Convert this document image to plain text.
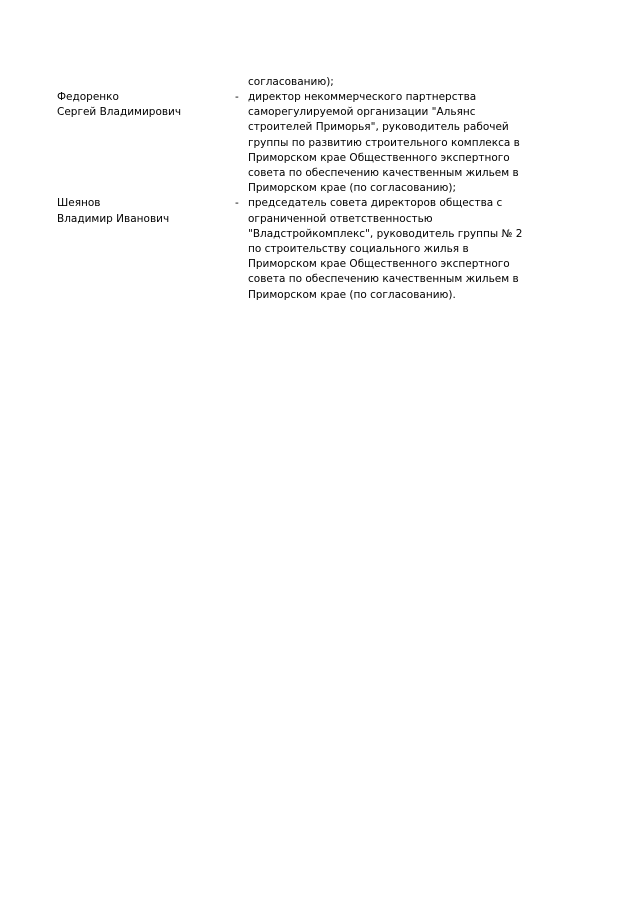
согласованию);
Федоренко
Сергей Владимирович
- директор некоммерческого партнерства
саморегулируемой организации "Альянс
строителей Приморья", руководитель рабочей
группы по развитию строительного комплекса в
Приморском крае Общественного экспертного
совета по обеспечению качественным жильем в
Приморском крае (по согласованию);
Шеянов
Владимир Иванович
- председатель совета директоров общества с
ограниченной ответственностью
"Владстройкомплекс", руководитель группы № 2
по строительству социального жилья в
Приморском крае Общественного экспертного
совета по обеспечению качественным жильем в
Приморском крае (по согласованию).
